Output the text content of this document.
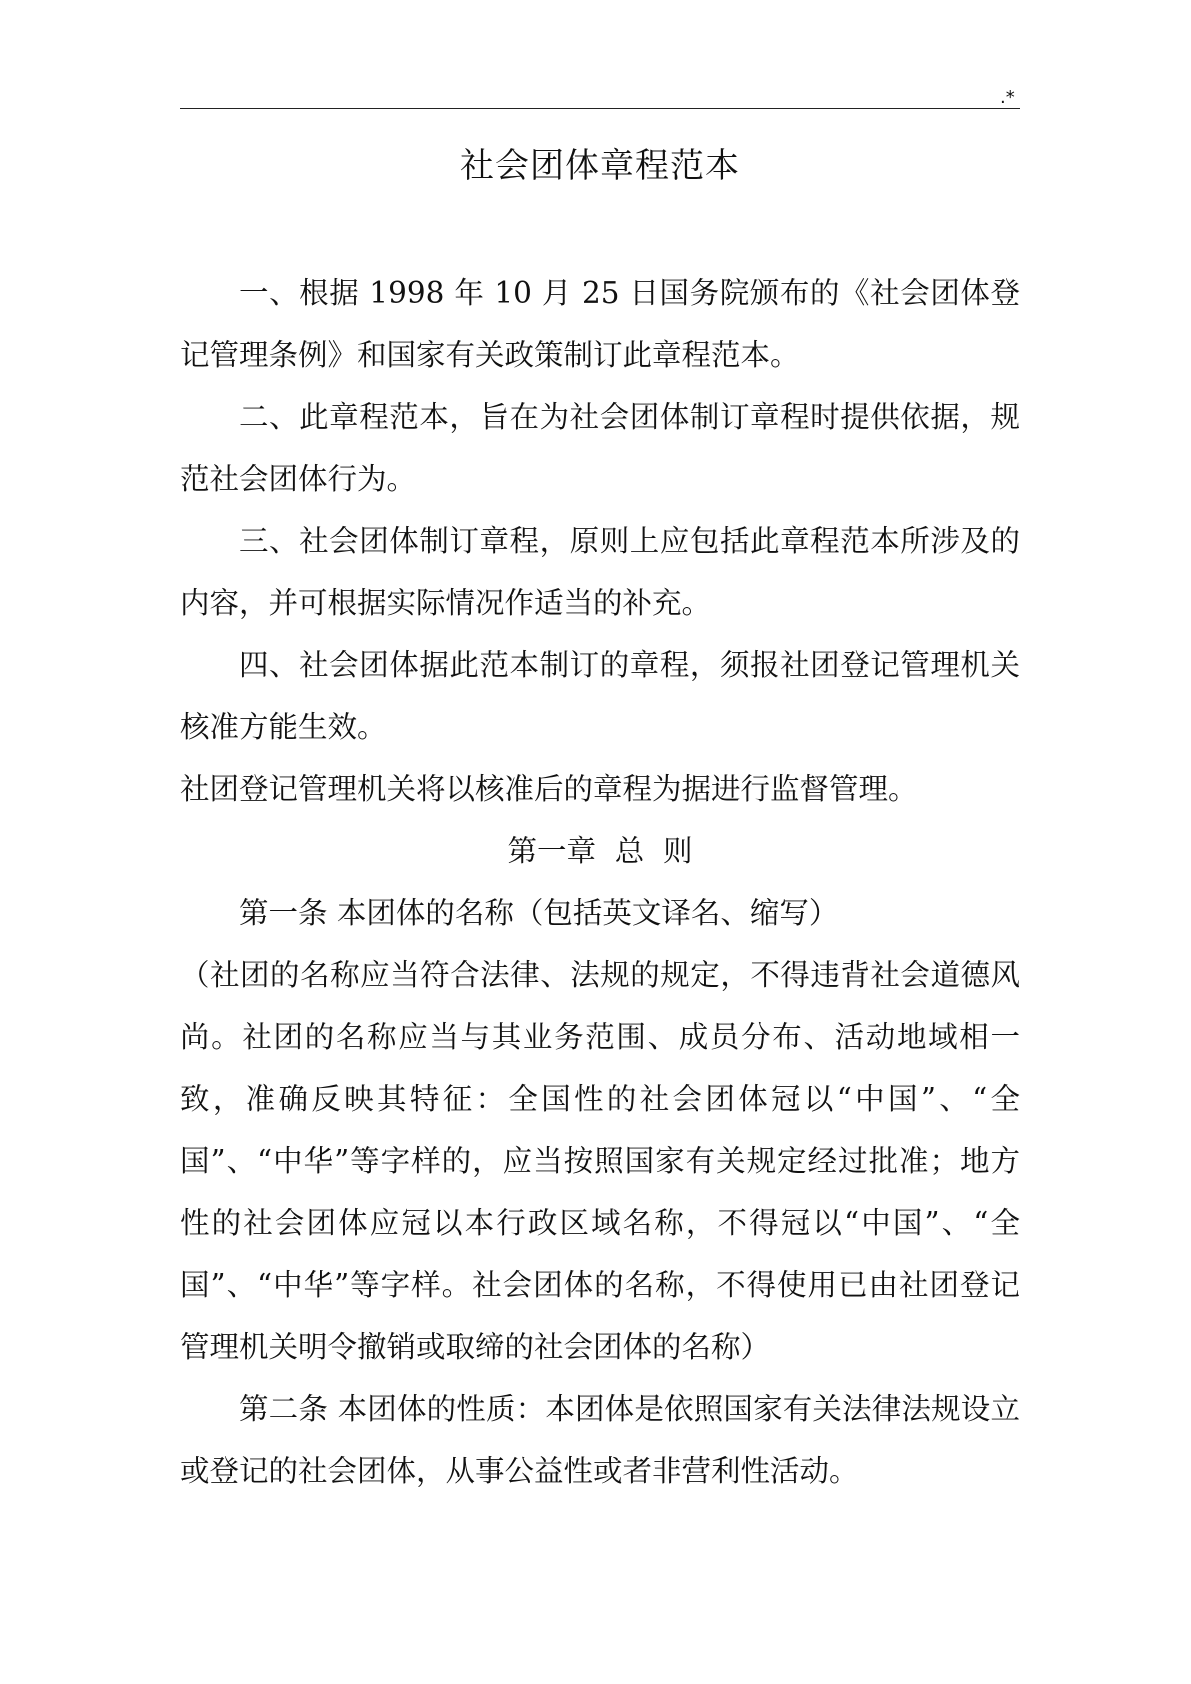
.*
社会团体章程范本

一、根据 1998 年 10 月 25 日国务院颁布的《社会团体登记管理条例》和国家有关政策制订此章程范本。

二、此章程范本，旨在为社会团体制订章程时提供依据，规范社会团体行为。

三、社会团体制订章程，原则上应包括此章程范本所涉及的内容，并可根据实际情况作适当的补充。

四、社会团体据此范本制订的章程，须报社团登记管理机关核准方能生效。

社团登记管理机关将以核准后的章程为据进行监督管理。

第一章  总  则

第一条 本团体的名称（包括英文译名、缩写）

（社团的名称应当符合法律、法规的规定，不得违背社会道德风尚。社团的名称应当与其业务范围、成员分布、活动地域相一致，准确反映其特征：全国性的社会团体冠以“中国”、“全国”、“中华”等字样的，应当按照国家有关规定经过批准；地方性的社会团体应冠以本行政区域名称，不得冠以“中国”、“全国”、“中华”等字样。社会团体的名称，不得使用已由社团登记管理机关明令撤销或取缔的社会团体的名称）

第二条 本团体的性质：本团体是依照国家有关法律法规设立或登记的社会团体，从事公益性或者非营利性活动。
